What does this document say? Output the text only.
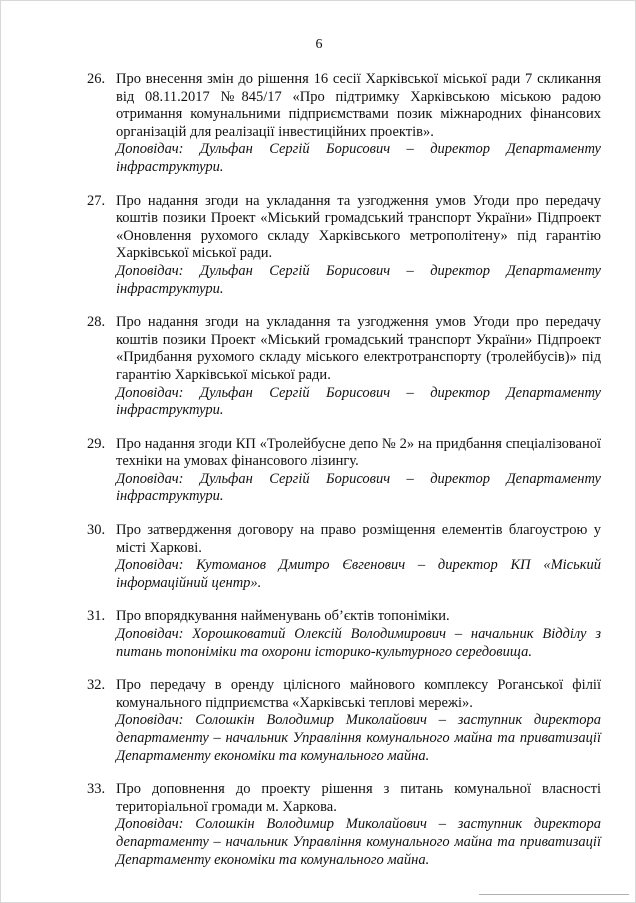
6
26. Про внесення змін до рішення 16 сесії Харківської міської ради 7 скликання від 08.11.2017 №845/17 «Про підтримку Харківською міською радою отримання комунальними підприємствами позик міжнародних фінансових організацій для реалізації інвестиційних проектів».
Доповідач: Дульфан Сергій Борисович – директор Департаменту інфраструктури.
27. Про надання згоди на укладання та узгодження умов Угоди про передачу коштів позики Проект «Міський громадський транспорт України» Підпроект «Оновлення рухомого складу Харківського метрополітену» під гарантію Харківської міської ради.
Доповідач: Дульфан Сергій Борисович – директор Департаменту інфраструктури.
28. Про надання згоди на укладання та узгодження умов Угоди про передачу коштів позики Проект «Міський громадський транспорт України» Підпроект «Придбання рухомого складу міського електротранспорту (тролейбусів)» під гарантію Харківської міської ради.
Доповідач: Дульфан Сергій Борисович – директор Департаменту інфраструктури.
29. Про надання згоди КП «Тролейбусне депо № 2» на придбання спеціалізованої техніки на умовах фінансового лізингу.
Доповідач: Дульфан Сергій Борисович – директор Департаменту інфраструктури.
30. Про затвердження договору на право розміщення елементів благоустрою у місті Харкові.
Доповідач: Кутоманов Дмитро Євгенович – директор КП «Міський інформаційний центр».
31. Про впорядкування найменувань об’єктів топоніміки.
Доповідач: Хорошковатий Олексій Володимирович – начальник Відділу з питань топоніміки та охорони історико-культурного середовища.
32. Про передачу в оренду цілісного майнового комплексу Роганської філії комунального підприємства «Харківські теплові мережі».
Доповідач: Солошкін Володимир Миколайович – заступник директора департаменту – начальник Управління комунального майна та приватизації Департаменту економіки та комунального майна.
33. Про доповнення до проекту рішення з питань комунальної власності територіальної громади м. Харкова.
Доповідач: Солошкін Володимир Миколайович – заступник директора департаменту – начальник Управління комунального майна та приватизації Департаменту економіки та комунального майна.
